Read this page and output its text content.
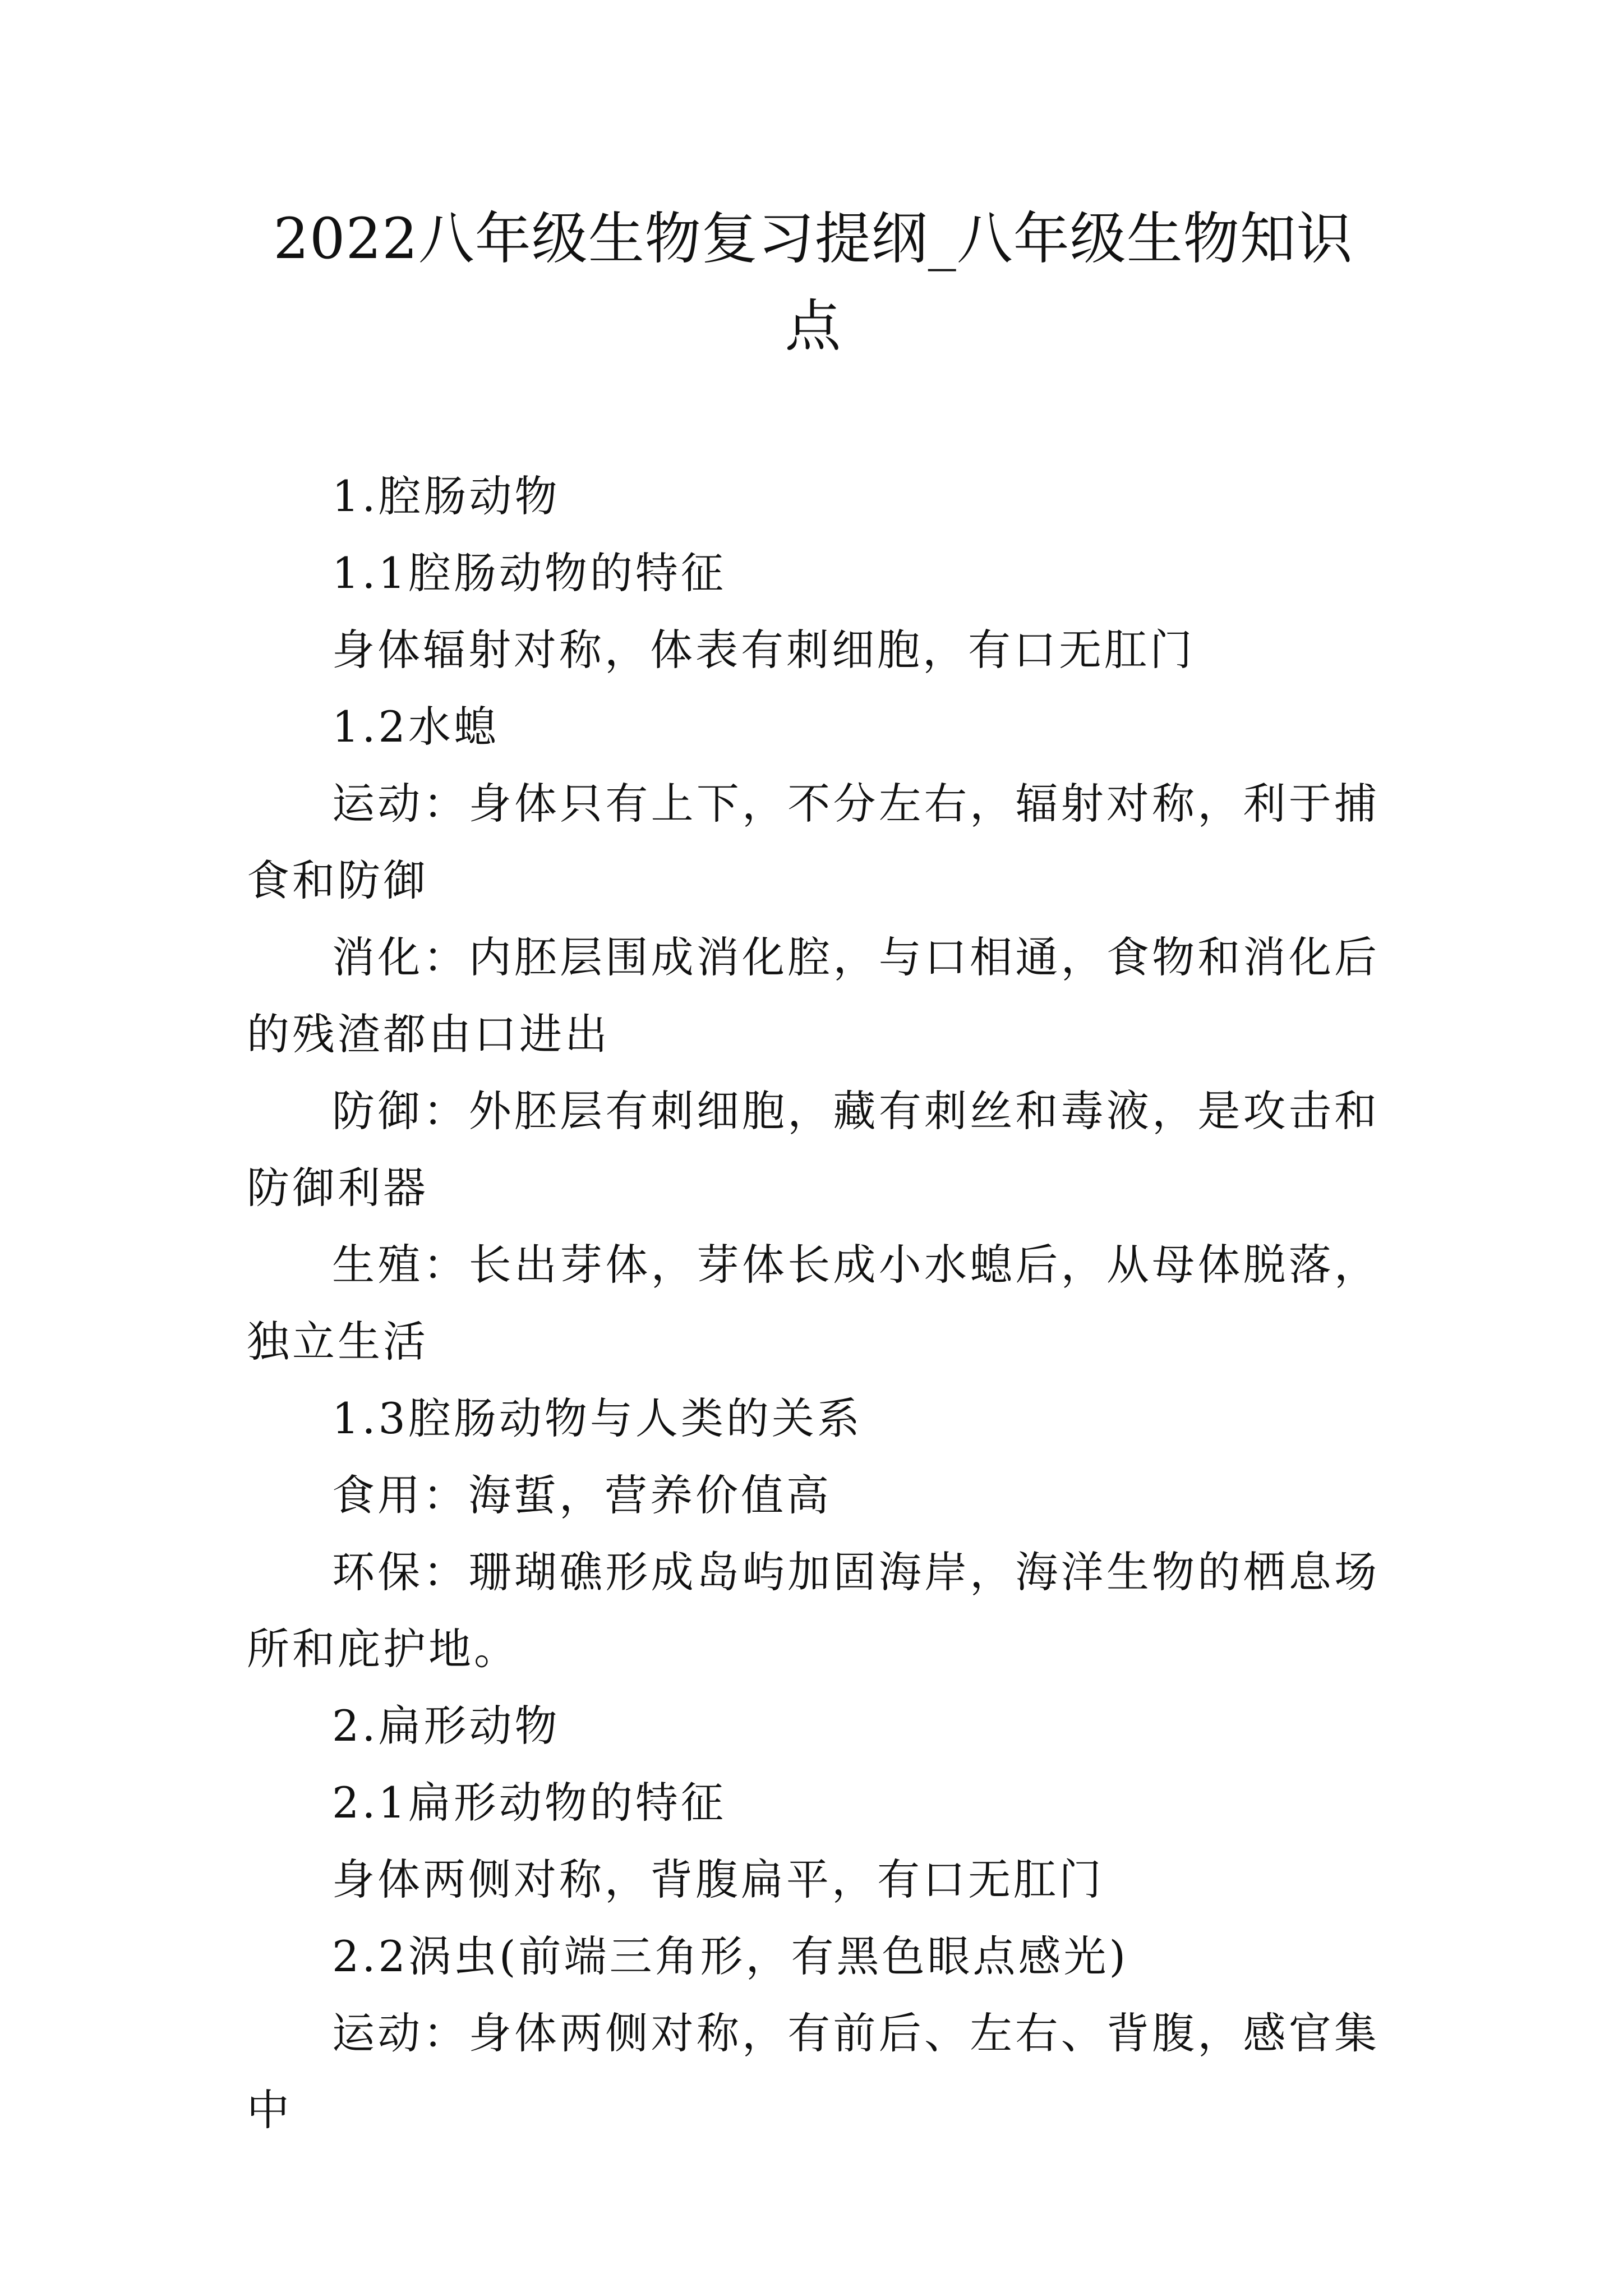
2022八年级生物复习提纲_八年级生物知识点

1.腔肠动物

1.1腔肠动物的特征

身体辐射对称，体表有刺细胞，有口无肛门

1.2水螅

运动：身体只有上下，不分左右，辐射对称，利于捕食和防御

消化：内胚层围成消化腔，与口相通，食物和消化后的残渣都由口进出

防御：外胚层有刺细胞，藏有刺丝和毒液，是攻击和防御利器

生殖：长出芽体，芽体长成小水螅后，从母体脱落，独立生活

1.3腔肠动物与人类的关系

食用：海蜇，营养价值高

环保：珊瑚礁形成岛屿加固海岸，海洋生物的栖息场所和庇护地。

2.扁形动物

2.1扁形动物的特征

身体两侧对称，背腹扁平，有口无肛门

2.2涡虫(前端三角形，有黑色眼点感光)

运动：身体两侧对称，有前后、左右、背腹，感官集中
